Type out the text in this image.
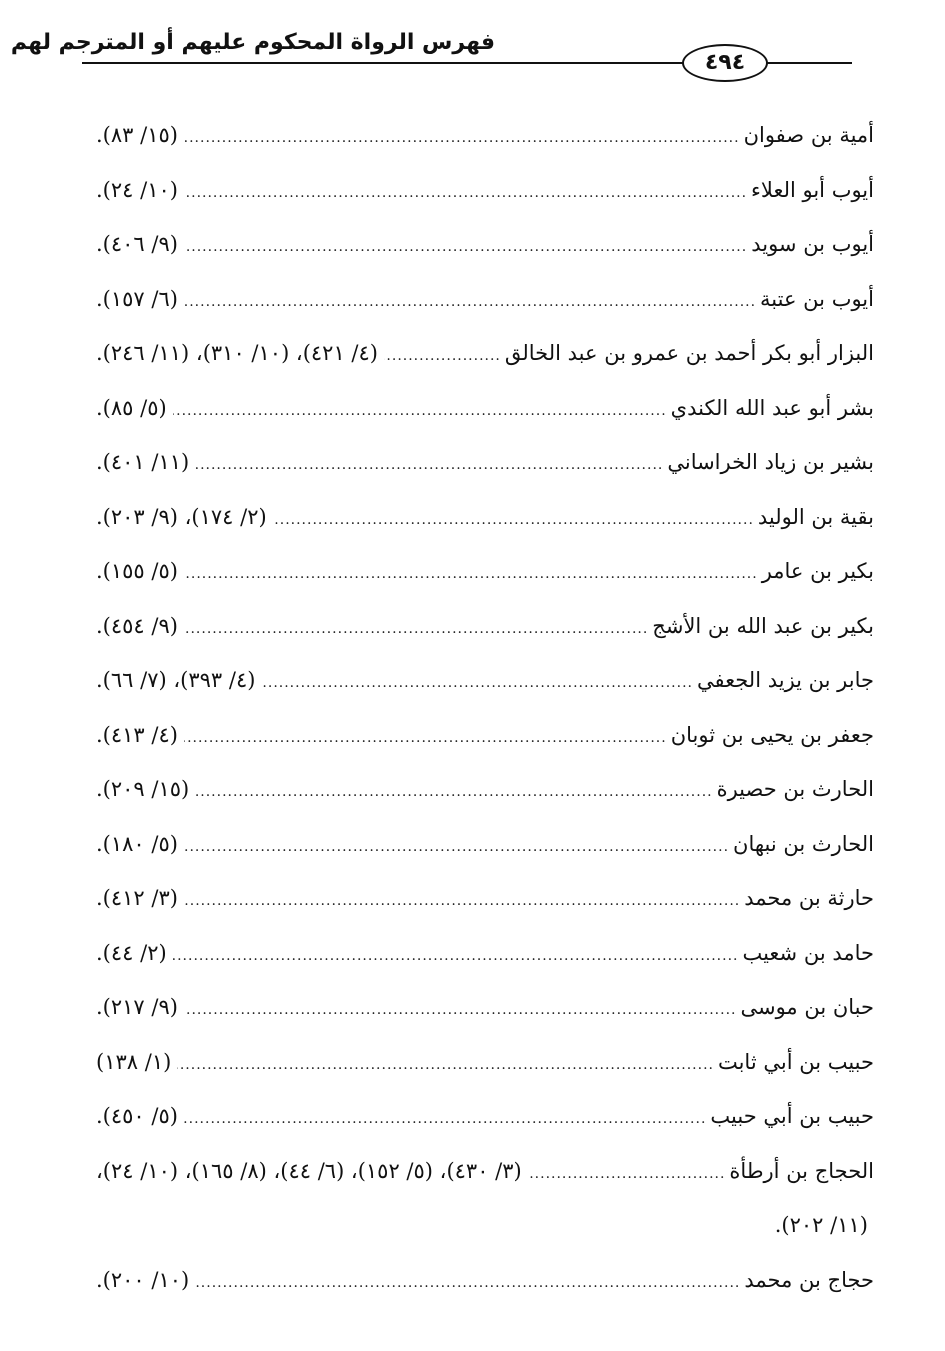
فهرس الرواة المحكوم عليهم أو المترجم لهم
٤٩٤
أمية بن صفوان
.....
(١٥/ ٨٣).
أيوب أبو العلاء
.....
(١٠/ ٢٤).
أيوب بن سويد
.....
(٩/ ٤٠٦).
أيوب بن عتبة
.....
(٦/ ١٥٧).
البزار أبو بكر أحمد بن عمرو بن عبد الخالق
.....
(٤/ ٤٢١)، (١٠/ ٣١٠)، (١١/ ٢٤٦).
بشر أبو عبد الله الكندي
.....
(٥/ ٨٥).
بشير بن زياد الخراساني
.....
(١١/ ٤٠١).
بقية بن الوليد
.....
(٢/ ١٧٤)، (٩/ ٢٠٣).
بكير بن عامر
.....
(٥/ ١٥٥).
بكير بن عبد الله بن الأشج
.....
(٩/ ٤٥٤).
جابر بن يزيد الجعفي
.....
(٤/ ٣٩٣)، (٧/ ٦٦).
جعفر بن يحيى بن ثوبان
.....
(٤/ ٤١٣).
الحارث بن حصيرة
.....
(١٥/ ٢٠٩).
الحارث بن نبهان
.....
(٥/ ١٨٠).
حارثة بن محمد
.....
(٣/ ٤١٢).
حامد بن شعيب
.....
(٢/ ٤٤).
حبان بن موسى
.....
(٩/ ٢١٧).
حبيب بن أبي ثابت
.....
(١/ ١٣٨)
حبيب بن أبي حبيب
.....
(٥/ ٤٥٠).
الحجاج بن أرطأة
.....
(٣/ ٤٣٠)، (٥/ ١٥٢)، (٦/ ٤٤)، (٨/ ١٦٥)، (١٠/ ٢٤)،
(١١/ ٢٠٢).
حجاج بن محمد
.....
(١٠/ ٢٠٠).
